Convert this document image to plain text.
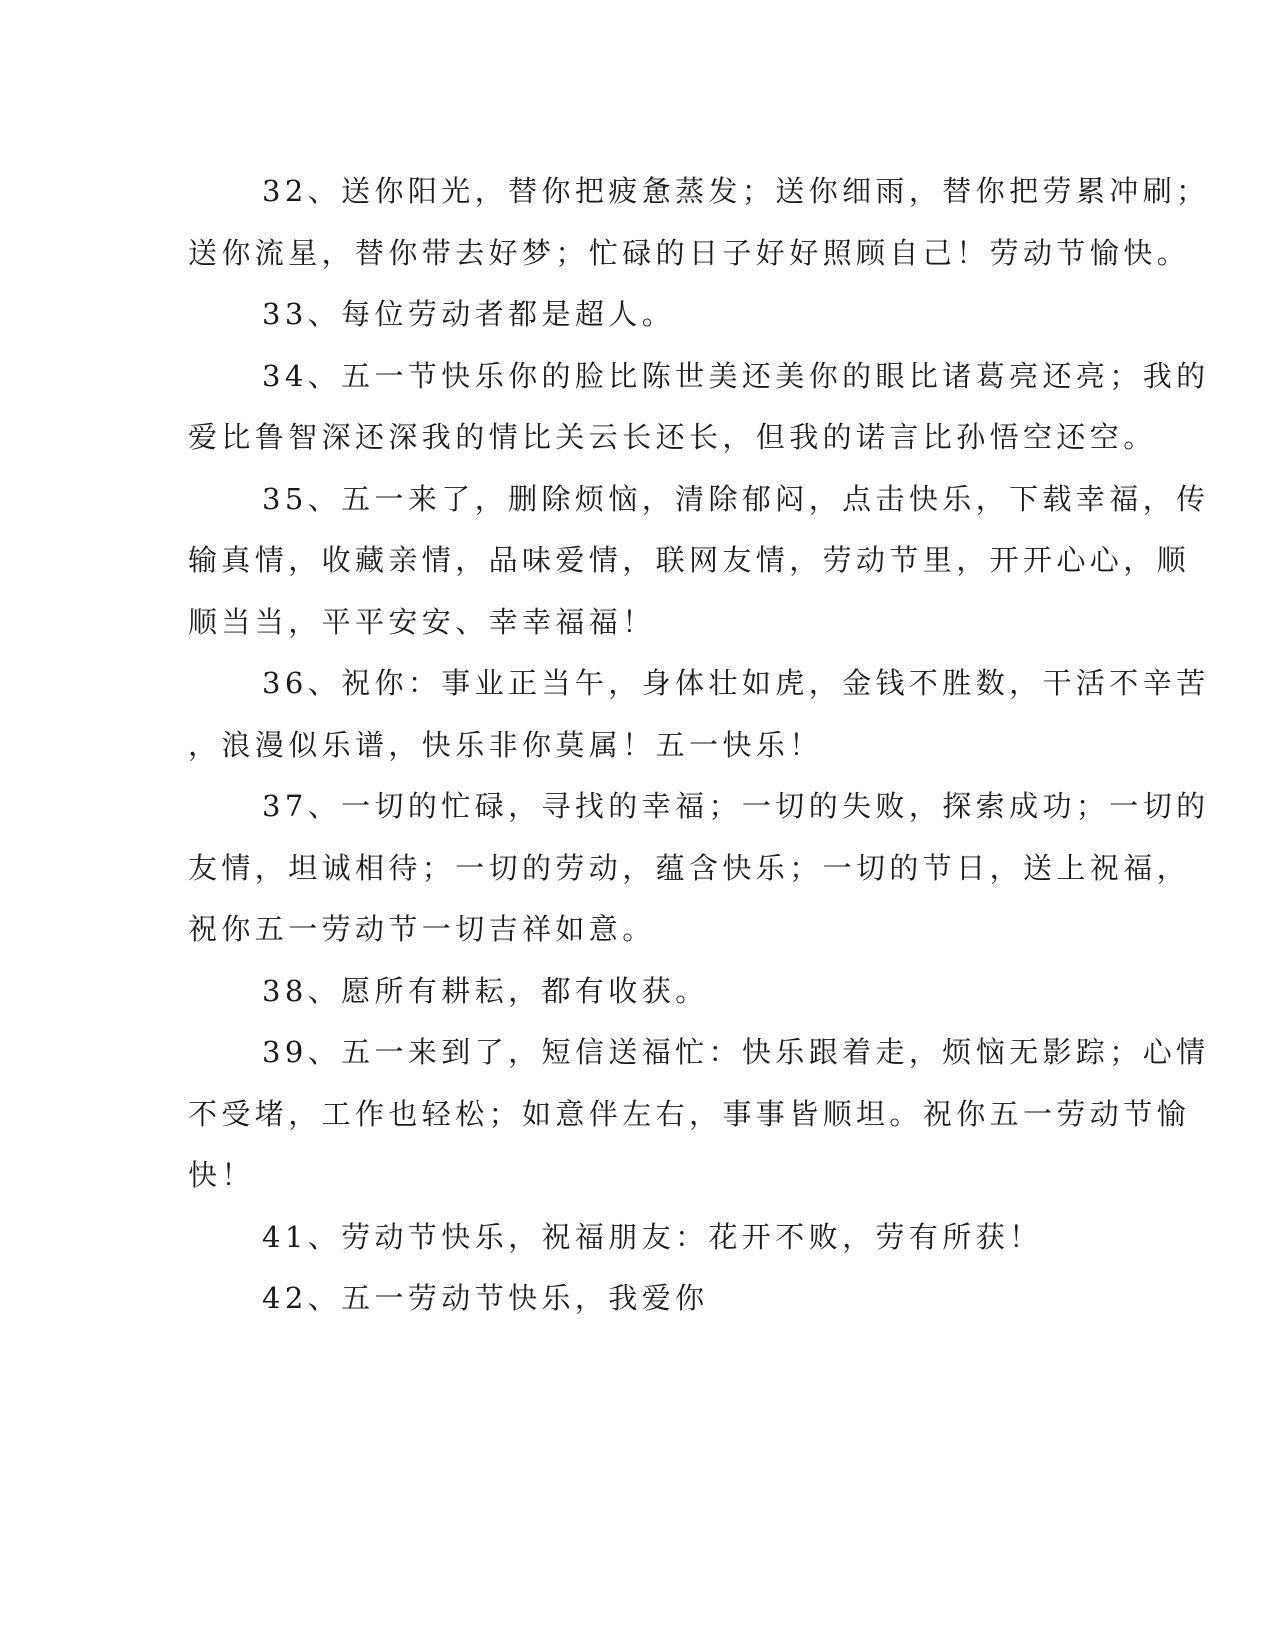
32、送你阳光，替你把疲惫蒸发；送你细雨，替你把劳累冲刷；
送你流星，替你带去好梦；忙碌的日子好好照顾自己！劳动节愉快。
33、每位劳动者都是超人。
34、五一节快乐你的脸比陈世美还美你的眼比诸葛亮还亮；我的
爱比鲁智深还深我的情比关云长还长，但我的诺言比孙悟空还空。
35、五一来了，删除烦恼，清除郁闷，点击快乐，下载幸福，传
输真情，收藏亲情，品味爱情，联网友情，劳动节里，开开心心，顺
顺当当，平平安安、幸幸福福！
36、祝你：事业正当午，身体壮如虎，金钱不胜数，干活不辛苦
，浪漫似乐谱，快乐非你莫属！五一快乐！
37、一切的忙碌，寻找的幸福；一切的失败，探索成功；一切的
友情，坦诚相待；一切的劳动，蕴含快乐；一切的节日，送上祝福，
祝你五一劳动节一切吉祥如意。
38、愿所有耕耘，都有收获。
39、五一来到了，短信送福忙：快乐跟着走，烦恼无影踪；心情
不受堵，工作也轻松；如意伴左右，事事皆顺坦。祝你五一劳动节愉
快！
41、劳动节快乐，祝福朋友：花开不败，劳有所获！
42、五一劳动节快乐，我爱你
